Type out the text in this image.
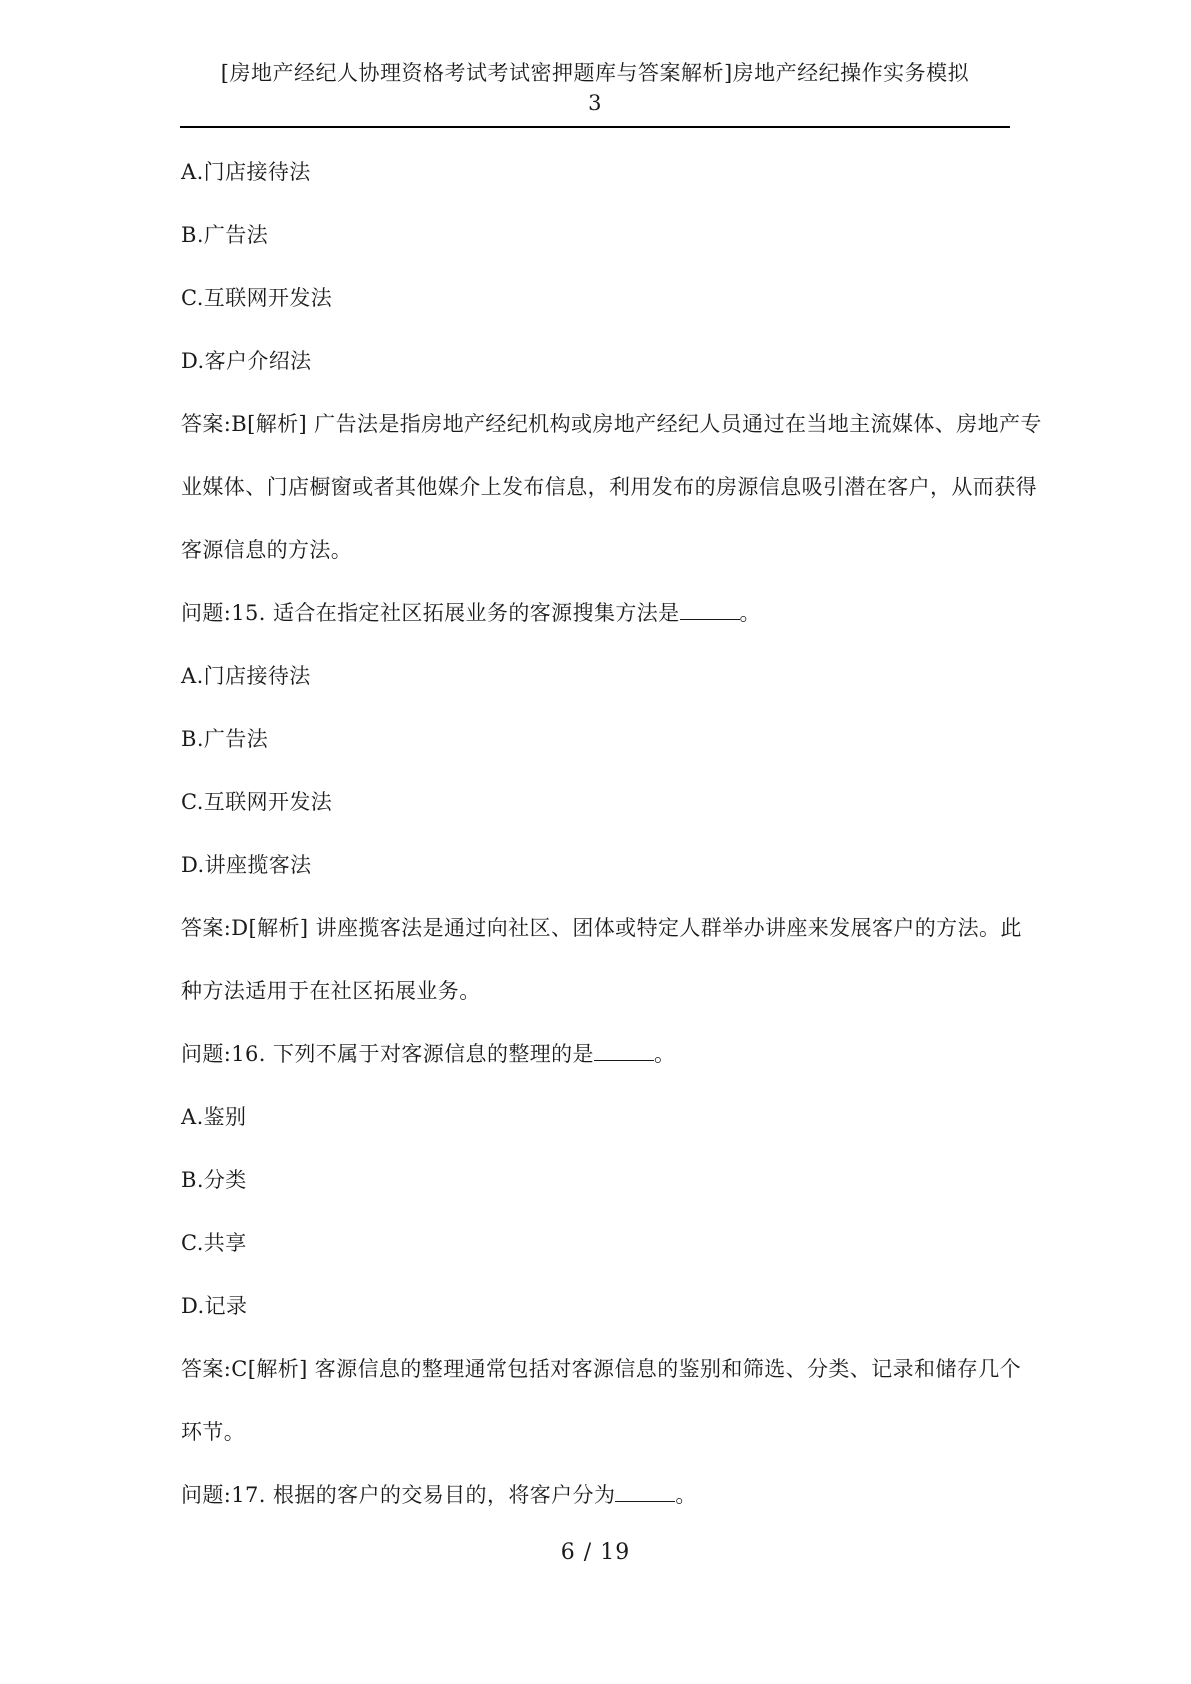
[房地产经纪人协理资格考试考试密押题库与答案解析]房地产经纪操作实务模拟
3
A.门店接待法
B.广告法
C.互联网开发法
D.客户介绍法
答案:B[解析] 广告法是指房地产经纪机构或房地产经纪人员通过在当地主流媒体、房地产专
业媒体、门店橱窗或者其他媒介上发布信息，利用发布的房源信息吸引潜在客户，从而获得
客源信息的方法。
问题:15. 适合在指定社区拓展业务的客源搜集方法是	。
A.门店接待法
B.广告法
C.互联网开发法
D.讲座揽客法
答案:D[解析] 讲座揽客法是通过向社区、团体或特定人群举办讲座来发展客户的方法。此
种方法适用于在社区拓展业务。
问题:16. 下列不属于对客源信息的整理的是	。
A.鉴别
B.分类
C.共享
D.记录
答案:C[解析] 客源信息的整理通常包括对客源信息的鉴别和筛选、分类、记录和储存几个
环节。
问题:17. 根据的客户的交易目的，将客户分为	。
6 / 19
